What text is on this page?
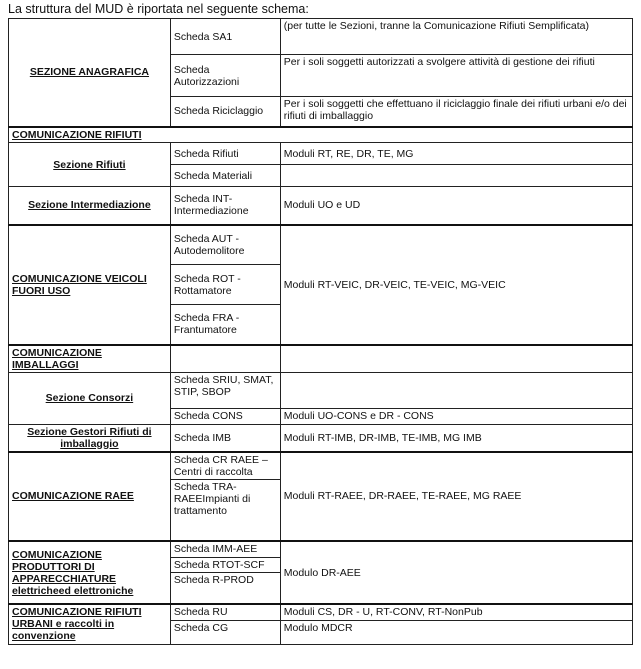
La struttura del MUD è riportata nel seguente schema:
SEZIONE ANAGRAFICA	Scheda SA1	(per tutte le Sezioni, tranne la Comunicazione Rifiuti Semplificata)
	Scheda Autorizzazioni	Per i soli soggetti autorizzati a svolgere attività di gestione dei rifiuti
	Scheda Riciclaggio	Per i soli soggetti che effettuano il riciclaggio finale dei rifiuti urbani e/o dei rifiuti di imballaggio
COMUNICAZIONE RIFIUTI		
Sezione Rifiuti	Scheda Rifiuti	Moduli RT, RE, DR, TE, MG
	Scheda Materiali	
Sezione Intermediazione	Scheda INT-Intermediazione	Moduli UO e UD
COMUNICAZIONE VEICOLI FUORI USO	Scheda AUT - Autodemolitore	Moduli RT-VEIC, DR-VEIC, TE-VEIC, MG-VEIC
	Scheda ROT - Rottamatore	
	Scheda FRA - Frantumatore	
COMUNICAZIONE IMBALLAGGI		
Sezione Consorzi	Scheda SRIU, SMAT, STIP, SBOP	
	Scheda CONS	Moduli UO-CONS e DR - CONS
Sezione Gestori Rifiuti di imballaggio	Scheda IMB	Moduli RT-IMB, DR-IMB, TE-IMB, MG IMB
COMUNICAZIONE RAEE	Scheda CR RAEE – Centri di raccolta	Moduli RT-RAEE, DR-RAEE, TE-RAEE, MG RAEE
	Scheda TRA-RAEEImpianti di trattamento	
COMUNICAZIONE PRODUTTORI DI APPARECCHIATURE elettricheed elettroniche	Scheda IMM-AEE	Modulo DR-AEE
	Scheda RTOT-SCF	
	Scheda R-PROD	
COMUNICAZIONE RIFIUTI URBANI e raccolti in convenzione	Scheda RU	Moduli CS, DR - U, RT-CONV, RT-NonPub
	Scheda CG	Modulo MDCR
